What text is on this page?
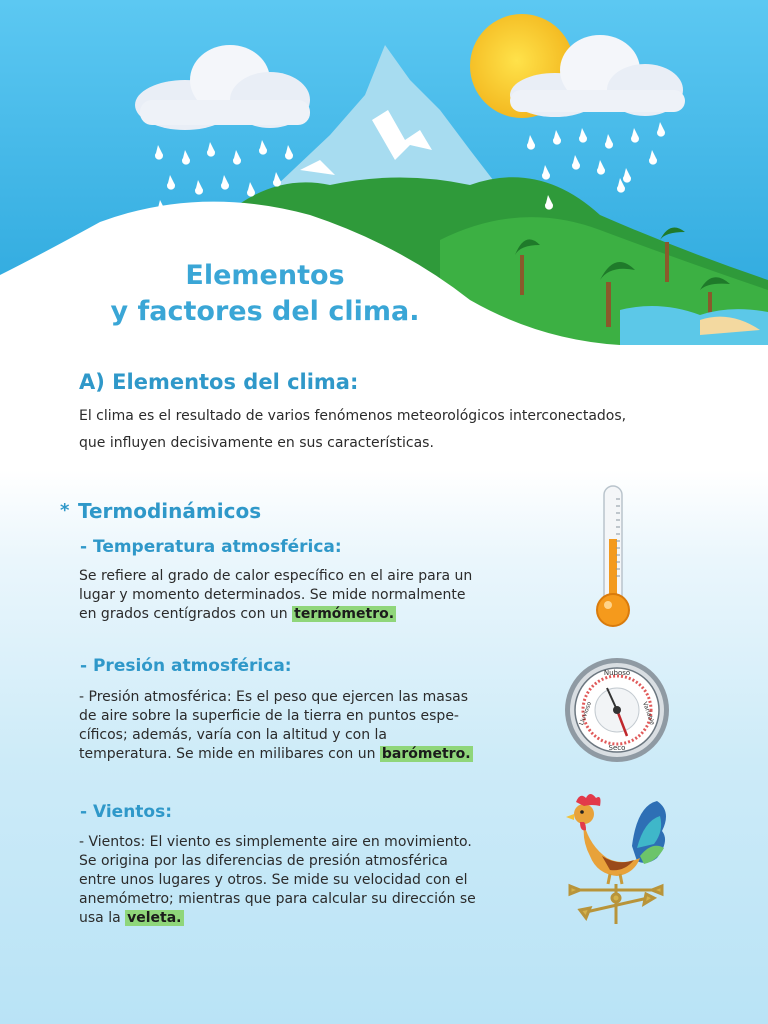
Elementos
y factores del clima.
A) Elementos del clima:

El clima es el resultado de varios fenómenos meteorológicos interconectados,
que influyen decisivamente en sus características.

* Termodinámicos
- Temperatura atmosférica:

Se refiere al grado de calor específico en el aire para un
lugar y momento determinados. Se mide normalmente
en grados centígrados con un termómetro.

- Presión atmosférica:

- Presión atmosférica: Es el peso que ejercen las masas
de aire sobre la superficie de la tierra en puntos espe-
cíficos; además, varía con la altitud y con la
temperatura. Se mide en milibares con un barómetro.

- Vientos:

- Vientos: El viento es simplemente aire en movimiento.
Se origina por las diferencias de presión atmosférica
entre unos lugares y otros. Se mide su velocidad con el
anemómetro; mientras que para calcular su dirección se
usa la veleta.

Nuboso
Variable
Seco
Lluvioso
